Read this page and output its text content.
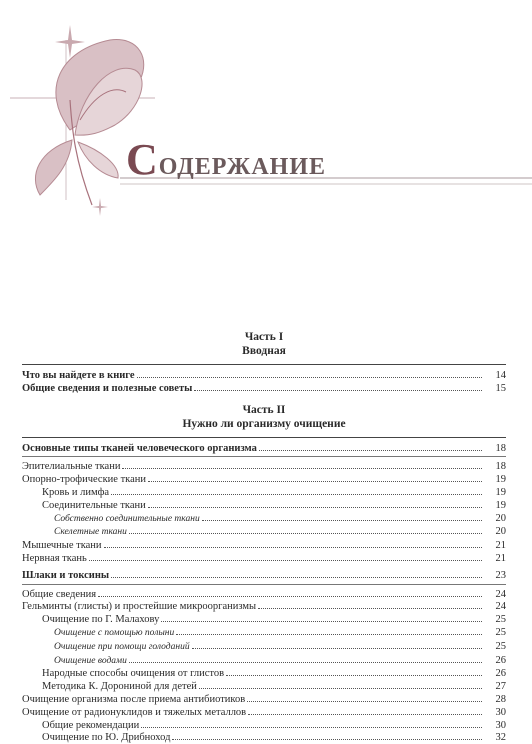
СОДЕРЖАНИЕ
Часть I
Вводная
Что вы найдете в книге	14
Общие сведения и полезные советы	15
Часть II
Нужно ли организму очищение
Основные типы тканей человеческого организма	18
Эпителиальные ткани	18
Опорно-трофические ткани	19
Кровь и лимфа	19
Соединительные ткани	19
Собственно соединительные ткани	20
Скелетные ткани	20
Мышечные ткани	21
Нервная ткань	21
Шлаки и токсины	23
Общие сведения	24
Гельминты (глисты) и простейшие микроорганизмы	24
Очищение по Г. Малахову	25
Очищение с помощью полыни	25
Очищение при помощи голоданий	25
Очищение водами	26
Народные способы очищения от глистов	26
Методика К. Дорониной для детей	27
Очищение организма после приема антибиотиков	28
Очищение от радионуклидов и тяжелых металлов	30
Общие рекомендации	30
Очищение по Ю. Дрибноход	32
